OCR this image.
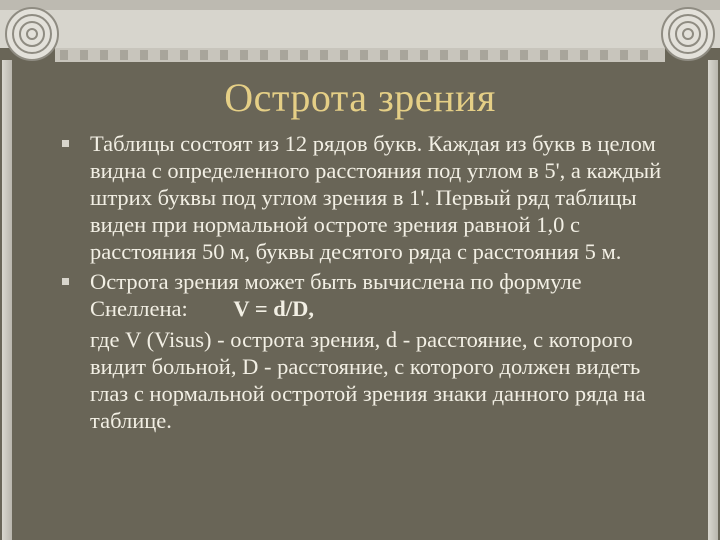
Острота зрения
Таблицы состоят из 12 рядов букв. Каждая из букв в целом видна с определенного расстояния под углом в 5', а каждый штрих буквы под углом зрения в 1'. Первый ряд таблицы виден при нормальной остроте зрения равной 1,0 с расстояния 50 м, буквы десятого ряда с расстояния 5 м.
Острота зрения может быть вычислена по формуле Снеллена: V = d/D,
где V (Visus) - острота зрения, d - расстояние, с которого видит больной, D - расстояние, с которого должен видеть глаз с нормальной остротой зрения знаки данного ряда на таблице.
